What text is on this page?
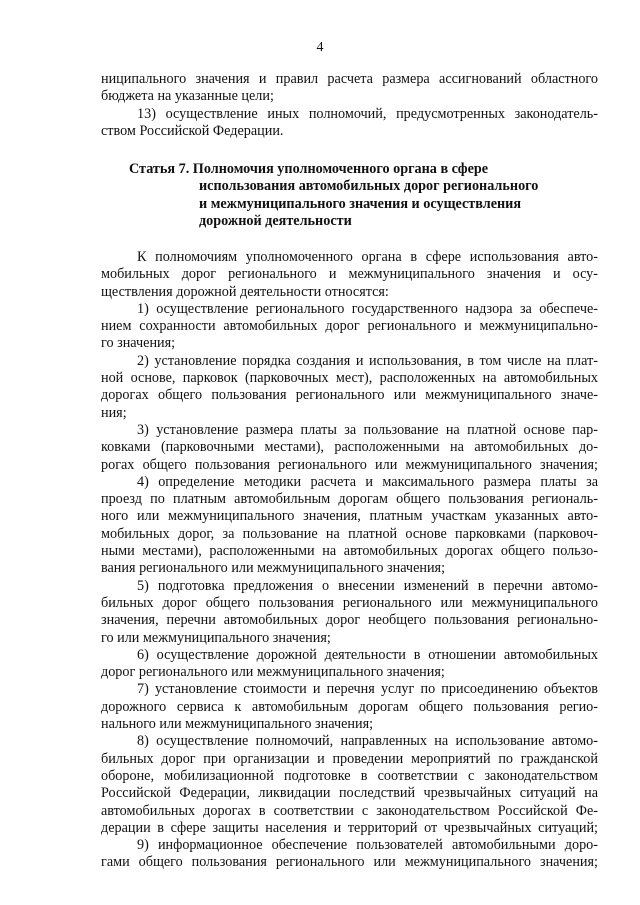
4
ниципального значения и правил расчета размера ассигнований областного
бюджета на указанные цели;
13) осуществление иных полномочий, предусмотренных законодатель-
ством Российской Федерации.
Статья 7. Полномочия уполномоченного органа в сфере
использования автомобильных дорог регионального
и межмуниципального значения и осуществления
дорожной деятельности
К полномочиям уполномоченного органа в сфере использования авто-
мобильных дорог регионального и межмуниципального значения и осу-
ществления дорожной деятельности относятся:
1) осуществление регионального государственного надзора за обеспече-
нием сохранности автомобильных дорог регионального и межмуниципально-
го значения;
2) установление порядка создания и использования, в том числе на плат-
ной основе, парковок (парковочных мест), расположенных на автомобильных
дорогах общего пользования регионального или межмуниципального значе-
ния;
3) установление размера платы за пользование на платной основе пар-
ковками (парковочными местами), расположенными на автомобильных до-
рогах общего пользования регионального или межмуниципального значения;
4) определение методики расчета и максимального размера платы за
проезд по платным автомобильным дорогам общего пользования региональ-
ного или межмуниципального значения, платным участкам указанных авто-
мобильных дорог, за пользование на платной основе парковками (парковоч-
ными местами), расположенными на автомобильных дорогах общего пользо-
вания регионального или межмуниципального значения;
5) подготовка предложения о внесении изменений в перечни автомо-
бильных дорог общего пользования регионального или межмуниципального
значения, перечни автомобильных дорог необщего пользования регионально-
го или межмуниципального значения;
6) осуществление дорожной деятельности в отношении автомобильных
дорог регионального или межмуниципального значения;
7) установление стоимости и перечня услуг по присоединению объектов
дорожного сервиса к автомобильным дорогам общего пользования регио-
нального или межмуниципального значения;
8) осуществление полномочий, направленных на использование автомо-
бильных дорог при организации и проведении мероприятий по гражданской
обороне, мобилизационной подготовке в соответствии с законодательством
Российской Федерации, ликвидации последствий чрезвычайных ситуаций на
автомобильных дорогах в соответствии с законодательством Российской Фе-
дерации в сфере защиты населения и территорий от чрезвычайных ситуаций;
9) информационное обеспечение пользователей автомобильными доро-
гами общего пользования регионального или межмуниципального значения;
